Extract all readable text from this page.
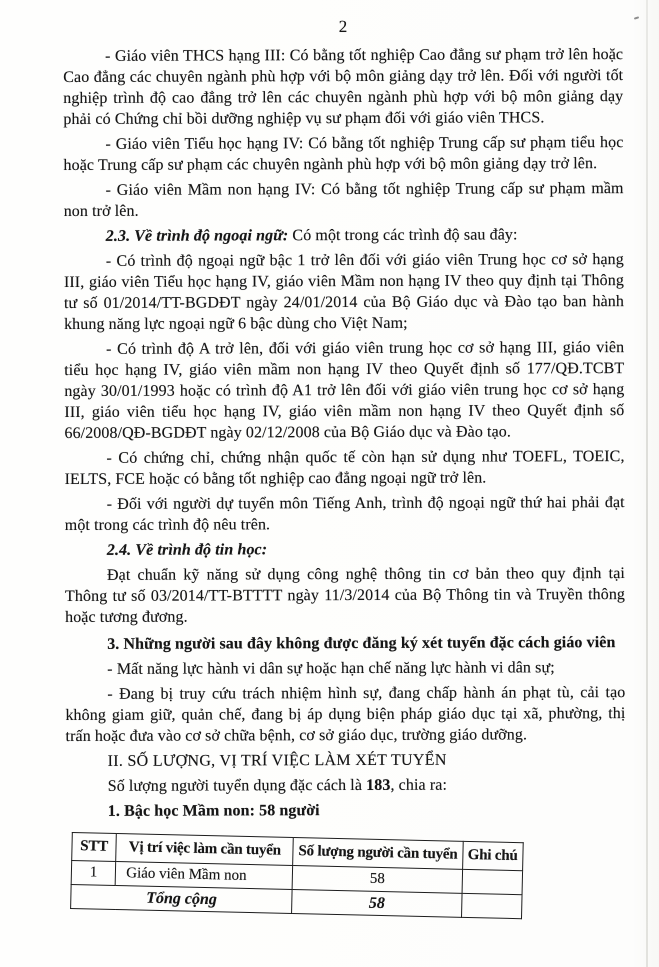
2

- Giáo viên THCS hạng III: Có bằng tốt nghiệp Cao đẳng sư phạm trở lên hoặc Cao đẳng các chuyên ngành phù hợp với bộ môn giảng dạy trở lên. Đối với người tốt nghiệp trình độ cao đẳng trở lên các chuyên ngành phù hợp với bộ môn giảng dạy phải có Chứng chỉ bồi dưỡng nghiệp vụ sư phạm đối với giáo viên THCS.

- Giáo viên Tiểu học hạng IV: Có bằng tốt nghiệp Trung cấp sư phạm tiểu học hoặc Trung cấp sư phạm các chuyên ngành phù hợp với bộ môn giảng dạy trở lên.

- Giáo viên Mầm non hạng IV: Có bằng tốt nghiệp Trung cấp sư phạm mầm non trở lên.

2.3. Về trình độ ngoại ngữ: Có một trong các trình độ sau đây:

- Có trình độ ngoại ngữ bậc 1 trở lên đối với giáo viên Trung học cơ sở hạng III, giáo viên Tiểu học hạng IV, giáo viên Mầm non hạng IV theo quy định tại Thông tư số 01/2014/TT-BGDĐT ngày 24/01/2014 của Bộ Giáo dục và Đào tạo ban hành khung năng lực ngoại ngữ 6 bậc dùng cho Việt Nam;

- Có trình độ A trở lên, đối với giáo viên trung học cơ sở hạng III, giáo viên tiểu học hạng IV, giáo viên mầm non hạng IV theo Quyết định số 177/QĐ.TCBT ngày 30/01/1993 hoặc có trình độ A1 trở lên đối với giáo viên trung học cơ sở hạng III, giáo viên tiểu học hạng IV, giáo viên mầm non hạng IV theo Quyết định số 66/2008/QĐ-BGDĐT ngày 02/12/2008 của Bộ Giáo dục và Đào tạo.

- Có chứng chỉ, chứng nhận quốc tế còn hạn sử dụng như TOEFL, TOEIC, IELTS, FCE hoặc có bằng tốt nghiệp cao đẳng ngoại ngữ trở lên.

- Đối với người dự tuyển môn Tiếng Anh, trình độ ngoại ngữ thứ hai phải đạt một trong các trình độ nêu trên.

2.4. Về trình độ tin học:

Đạt chuẩn kỹ năng sử dụng công nghệ thông tin cơ bản theo quy định tại Thông tư số 03/2014/TT-BTTTT ngày 11/3/2014 của Bộ Thông tin và Truyền thông hoặc tương đương.

3. Những người sau đây không được đăng ký xét tuyển đặc cách giáo viên

- Mất năng lực hành vi dân sự hoặc hạn chế năng lực hành vi dân sự;

- Đang bị truy cứu trách nhiệm hình sự, đang chấp hành án phạt tù, cải tạo không giam giữ, quản chế, đang bị áp dụng biện pháp giáo dục tại xã, phường, thị trấn hoặc đưa vào cơ sở chữa bệnh, cơ sở giáo dục, trường giáo dưỡng.

II. SỐ LƯỢNG, VỊ TRÍ VIỆC LÀM XÉT TUYỂN

Số lượng người tuyển dụng đặc cách là 183, chia ra:

1. Bậc học Mầm non: 58 người

STT	Vị trí việc làm cần tuyển	Số lượng người cần tuyển	Ghi chú
1	Giáo viên Mầm non	58	
Tổng cộng		58	
